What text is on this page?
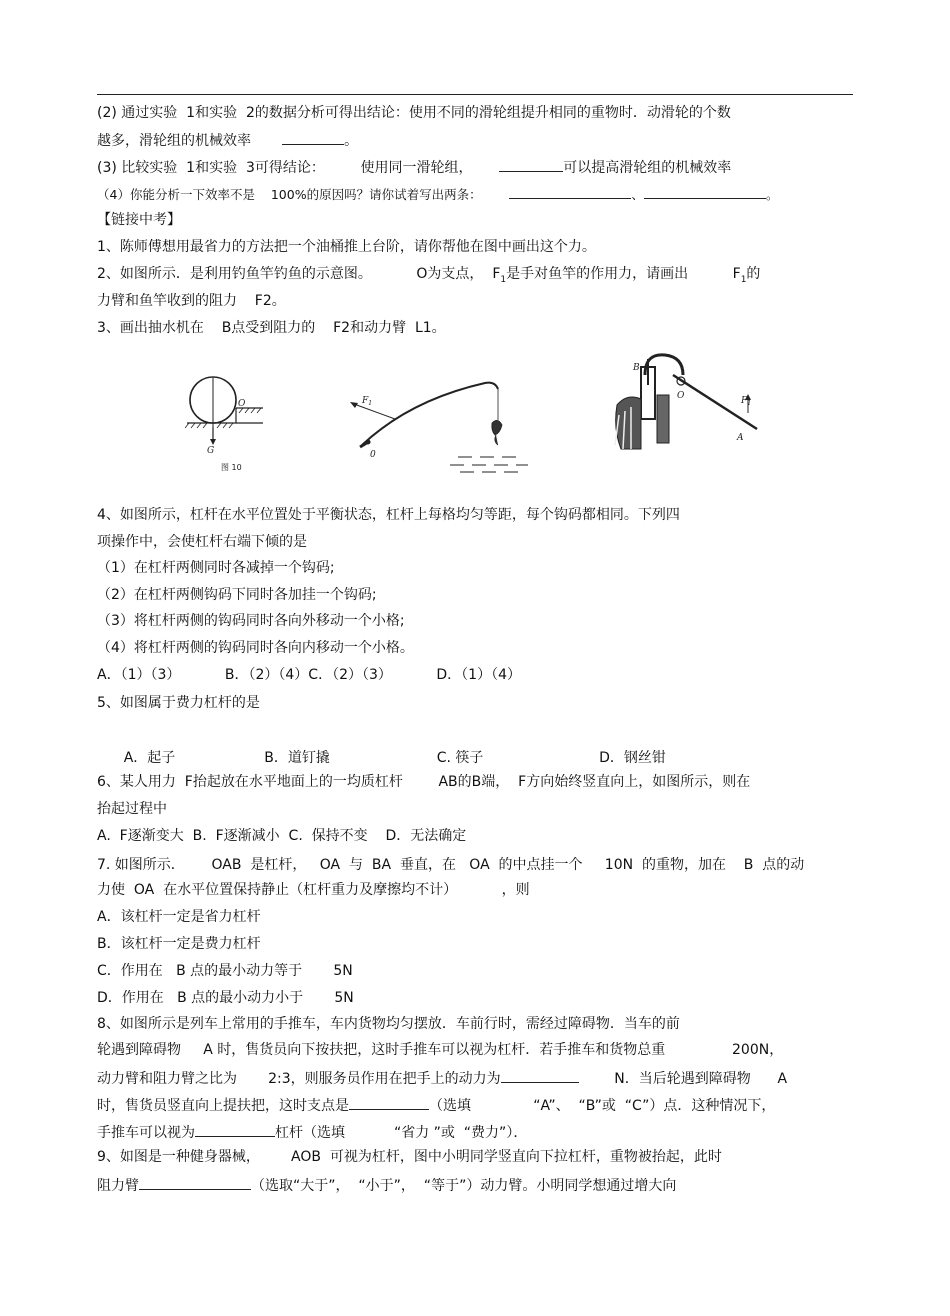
(2) 通过实验  1和实验  2的数据分析可得出结论：使用不同的滑轮组提升相同的重物时．动滑轮的个数
越多，滑轮组的机械效率	。
(3) 比较实验  1和实验  3可得结论：        使用同一滑轮组，	可以提高滑轮组的机械效率
（4）你能分析一下效率不是    100%的原因吗？请你试着写出两条：	、	。
【链接中考】
1、陈师傅想用最省力的方法把一个油桶推上台阶，请你帮他在图中画出这个力。
2、如图所示．是利用钓鱼竿钓鱼的示意图。          O为支点，  $F_1$是手对鱼竿的作用力，请画出          $F_1$的
力臂和鱼竿收到的阻力    F2。
3、画出抽水机在    B点受到阻力的    F2和动力臂  L1。
O
G
图 10
$F_1$
0
B
O	$F_1$
A
4、如图所示，杠杆在水平位置处于平衡状态，杠杆上每格均匀等距，每个钩码都相同。下列四
项操作中，会使杠杆右端下倾的是
（1）在杠杆两侧同时各减掉一个钩码;
（2）在杠杆两侧钩码下同时各加挂一个钩码;
（3）将杠杆两侧的钩码同时各向外移动一个小格;
（4）将杠杆两侧的钩码同时各向内移动一个小格。
A．（1）（3）          B．（2）（4）C．（2）（3）          D．（1）（4）
5、如图属于费力杠杆的是
A．起子                    B．道钉撬                        C. 筷子                          D．钢丝钳
6、某人用力  F抬起放在水平地面上的一均质杠杆        AB的B端，  F方向始终竖直向上，如图所示，则在
抬起过程中
A.  F逐渐变大  B.  F逐渐减小  C.  保持不变    D．无法确定
7. 如图所示．      OAB  是杠杆，   OA  与  BA  垂直，在   OA  的中点挂一个     10N  的重物，加在    B  点的动
力使  OA  在水平位置保持静止（杠杆重力及摩擦均不计）          ，则
A．该杠杆一定是省力杠杆
B．该杠杆一定是费力杠杆
C．作用在   B 点的最小动力等于       5N
D．作用在   B 点的最小动力小于       5N
8、如图所示是列车上常用的手推车，车内货物均匀摆放．车前行时，需经过障碍物．当车的前
轮遇到障碍物     A 时，售货员向下按扶把，这时手推车可以视为杠杆．若手推车和货物总重               200N，
动力臂和阻力臂之比为       2:3，则服务员作用在把手上的动力为	N．当后轮遇到障碍物      A
时，售货员竖直向上提扶把，这时支点是	（选填              “A”、  “B”或  “C”）点．这种情况下，
手推车可以视为	杠杆（选填           “省力 ”或  “费力”）．
9、如图是一种健身器械，       AOB  可视为杠杆，图中小明同学竖直向下拉杠杆，重物被抬起，此时
阻力臂	（选取“大于”，  “小于”，  “等于”）动力臂。小明同学想通过增大向
